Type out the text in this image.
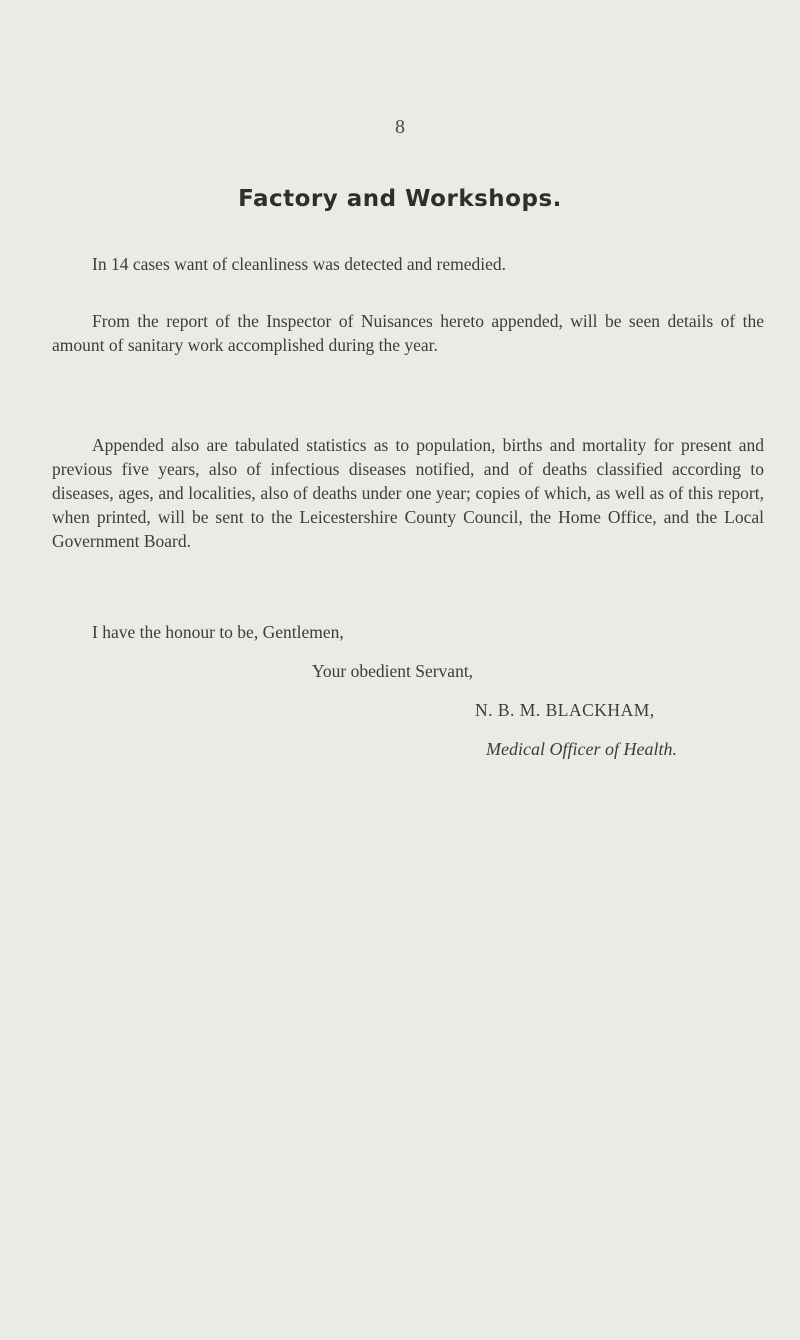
8
Factory and Workshops.

In 14 cases want of cleanliness was detected and remedied.

From the report of the Inspector of Nuisances hereto appended, will be seen details of the amount of sanitary work accomplished during the year.

Appended also are tabulated statistics as to population, births and mortality for present and previous five years, also of infectious diseases notified, and of deaths classified according to diseases, ages, and localities, also of deaths under one year; copies of which, as well as of this report, when printed, will be sent to the Leicestershire County Council, the Home Office, and the Local Government Board.

I have the honour to be, Gentlemen,
Your obedient Servant,
N. B. M. BLACKHAM,
Medical Officer of Health.
